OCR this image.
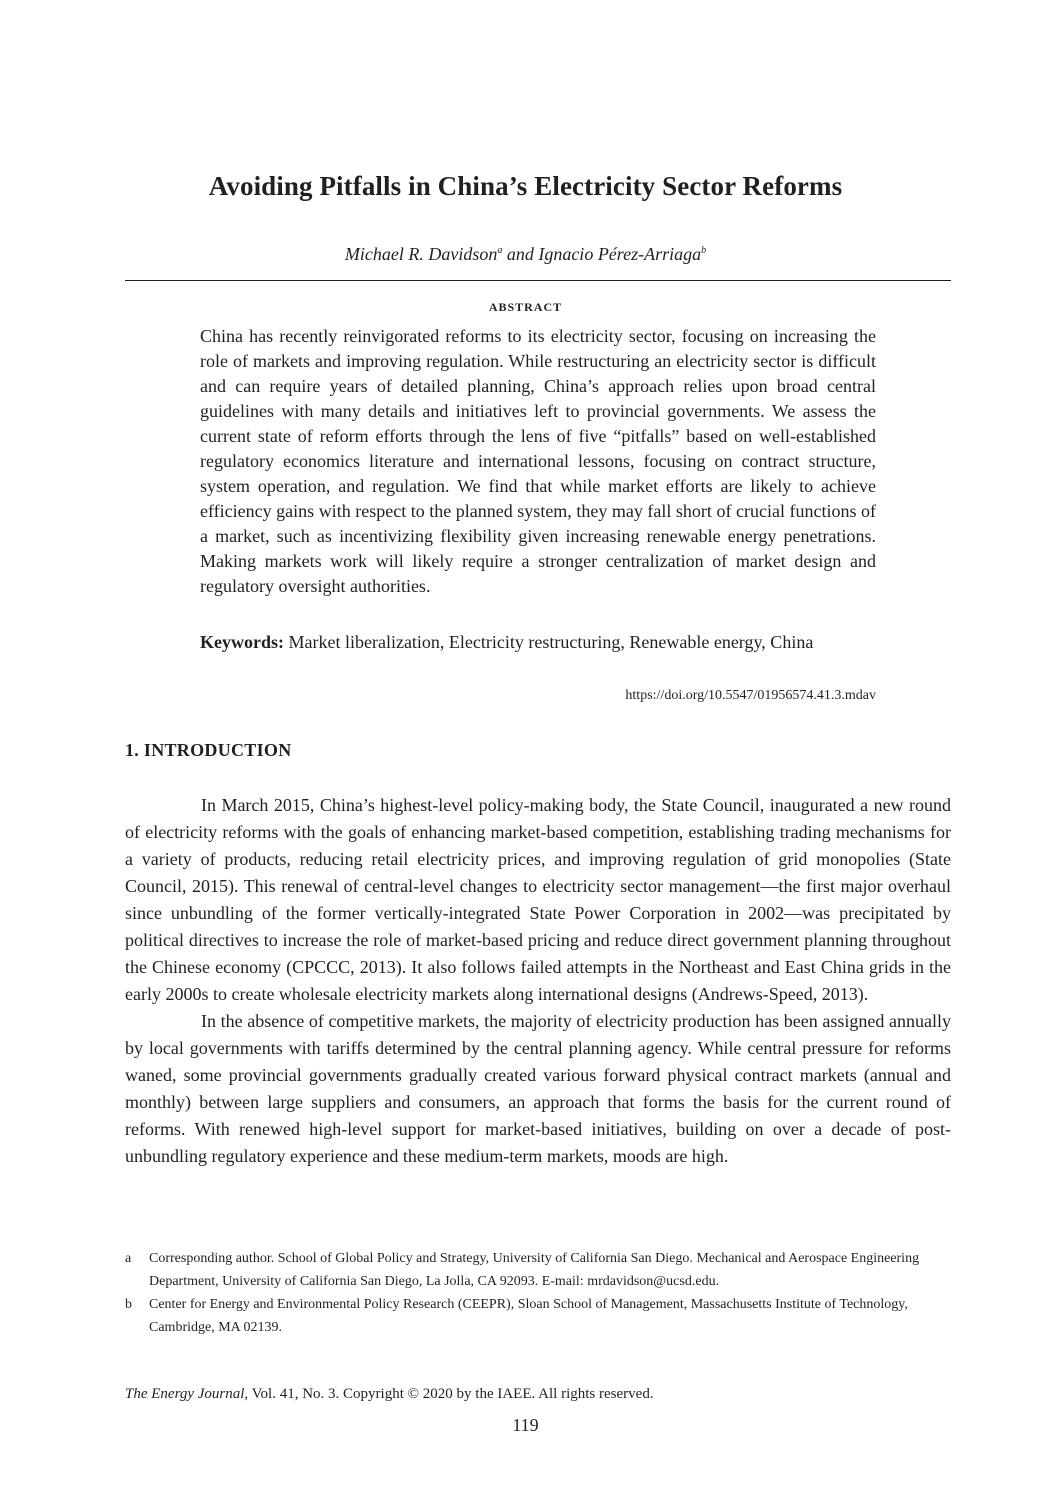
Avoiding Pitfalls in China’s Electricity Sector Reforms
Michael R. Davidson$^a$ and Ignacio Pérez-Arriaga$^b$
ABSTRACT
China has recently reinvigorated reforms to its electricity sector, focusing on increasing the role of markets and improving regulation. While restructuring an electricity sector is difficult and can require years of detailed planning, China’s approach relies upon broad central guidelines with many details and initiatives left to provincial governments. We assess the current state of reform efforts through the lens of five “pitfalls” based on well-established regulatory economics literature and international lessons, focusing on contract structure, system operation, and regulation. We find that while market efforts are likely to achieve efficiency gains with respect to the planned system, they may fall short of crucial functions of a market, such as incentivizing flexibility given increasing renewable energy penetrations. Making markets work will likely require a stronger centralization of market design and regulatory oversight authorities.
Keywords: Market liberalization, Electricity restructuring, Renewable energy, China
https://doi.org/10.5547/01956574.41.3.mdav
1. INTRODUCTION

In March 2015, China’s highest-level policy-making body, the State Council, inaugurated a new round of electricity reforms with the goals of enhancing market-based competition, establishing trading mechanisms for a variety of products, reducing retail electricity prices, and improving regulation of grid monopolies (State Council, 2015). This renewal of central-level changes to electricity sector management—the first major overhaul since unbundling of the former vertically-integrated State Power Corporation in 2002—was precipitated by political directives to increase the role of market-based pricing and reduce direct government planning throughout the Chinese economy (CPCCC, 2013). It also follows failed attempts in the Northeast and East China grids in the early 2000s to create wholesale electricity markets along international designs (Andrews-Speed, 2013).

In the absence of competitive markets, the majority of electricity production has been assigned annually by local governments with tariffs determined by the central planning agency. While central pressure for reforms waned, some provincial governments gradually created various forward physical contract markets (annual and monthly) between large suppliers and consumers, an approach that forms the basis for the current round of reforms. With renewed high-level support for market-based initiatives, building on over a decade of post-unbundling regulatory experience and these medium-term markets, moods are high.

a Corresponding author. School of Global Policy and Strategy, University of California San Diego. Mechanical and Aerospace Engineering Department, University of California San Diego, La Jolla, CA 92093. E-mail: mrdavidson@ucsd.edu.
b Center for Energy and Environmental Policy Research (CEEPR), Sloan School of Management, Massachusetts Institute of Technology, Cambridge, MA 02139.
The Energy Journal, Vol. 41, No. 3. Copyright © 2020 by the IAEE. All rights reserved.
119
